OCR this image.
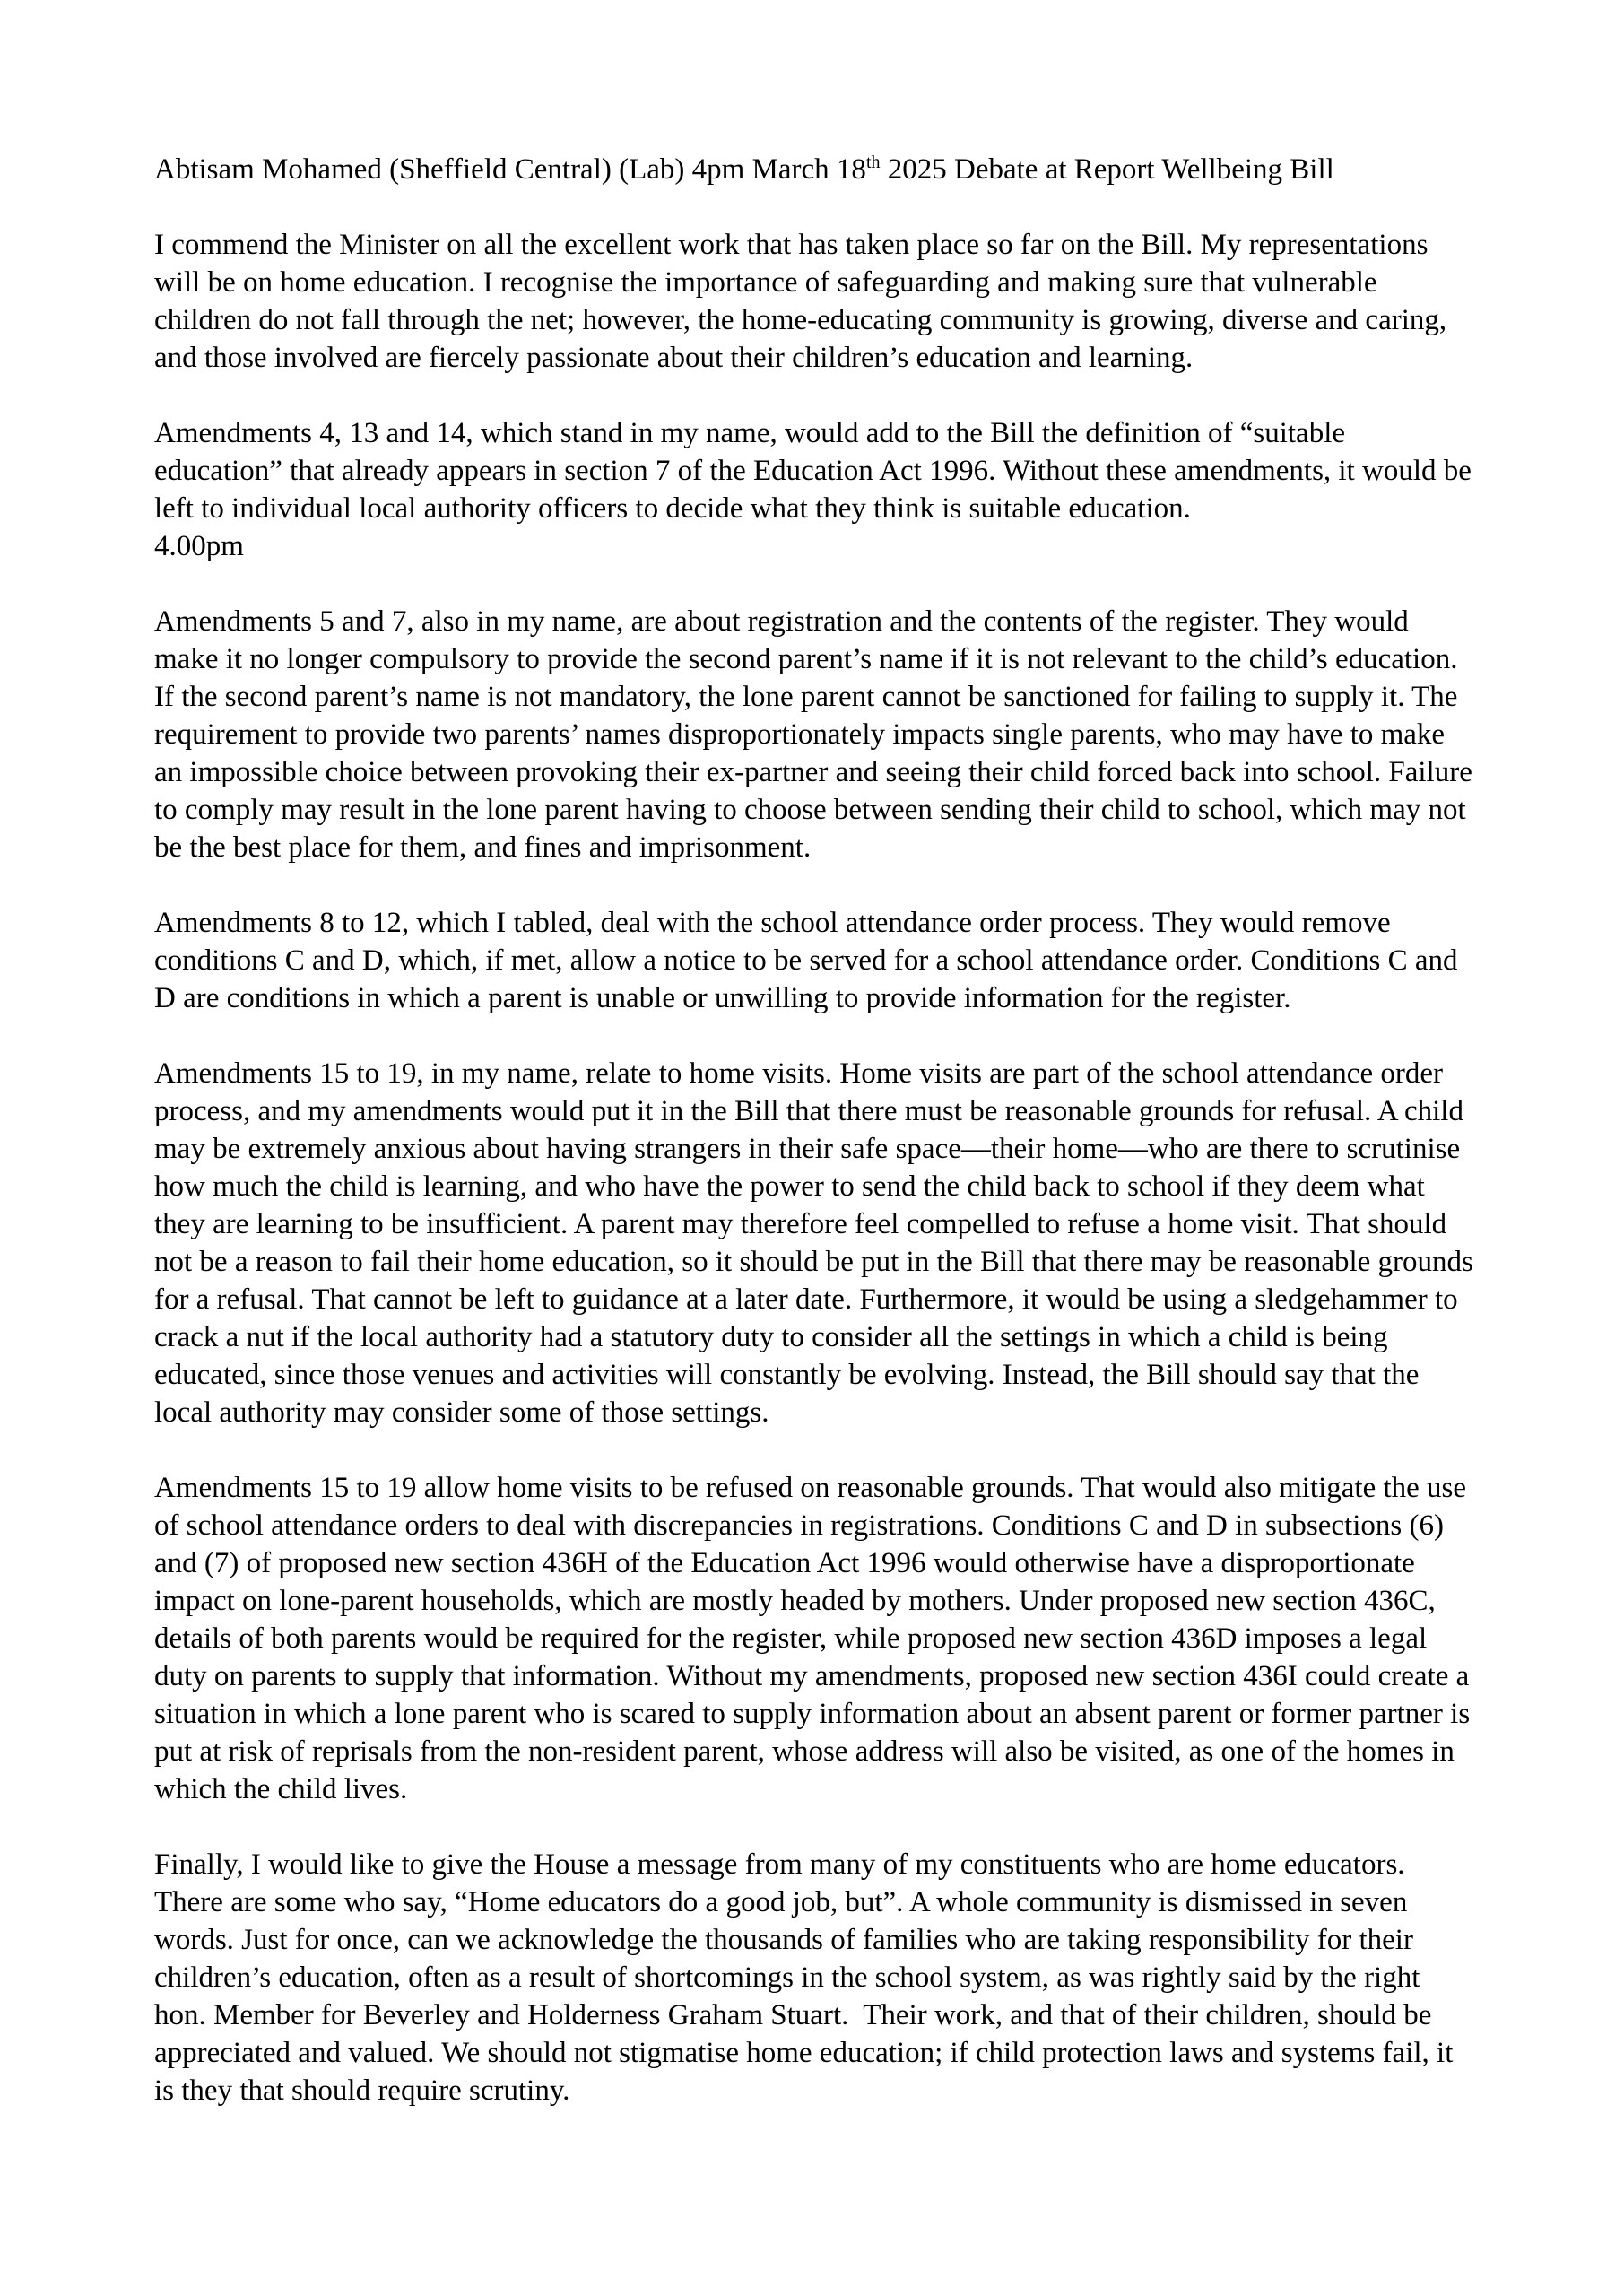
Abtisam Mohamed (Sheffield Central) (Lab) 4pm March 18th 2025 Debate at Report Wellbeing Bill

I commend the Minister on all the excellent work that has taken place so far on the Bill. My representations will be on home education. I recognise the importance of safeguarding and making sure that vulnerable children do not fall through the net; however, the home-educating community is growing, diverse and caring, and those involved are fiercely passionate about their children’s education and learning.

Amendments 4, 13 and 14, which stand in my name, would add to the Bill the definition of “suitable education” that already appears in section 7 of the Education Act 1996. Without these amendments, it would be left to individual local authority officers to decide what they think is suitable education.

4.00pm

Amendments 5 and 7, also in my name, are about registration and the contents of the register. They would make it no longer compulsory to provide the second parent’s name if it is not relevant to the child’s education. If the second parent’s name is not mandatory, the lone parent cannot be sanctioned for failing to supply it. The requirement to provide two parents’ names disproportionately impacts single parents, who may have to make an impossible choice between provoking their ex-partner and seeing their child forced back into school. Failure to comply may result in the lone parent having to choose between sending their child to school, which may not be the best place for them, and fines and imprisonment.

Amendments 8 to 12, which I tabled, deal with the school attendance order process. They would remove conditions C and D, which, if met, allow a notice to be served for a school attendance order. Conditions C and D are conditions in which a parent is unable or unwilling to provide information for the register.

Amendments 15 to 19, in my name, relate to home visits. Home visits are part of the school attendance order process, and my amendments would put it in the Bill that there must be reasonable grounds for refusal. A child may be extremely anxious about having strangers in their safe space—their home—who are there to scrutinise how much the child is learning, and who have the power to send the child back to school if they deem what they are learning to be insufficient. A parent may therefore feel compelled to refuse a home visit. That should not be a reason to fail their home education, so it should be put in the Bill that there may be reasonable grounds for a refusal. That cannot be left to guidance at a later date. Furthermore, it would be using a sledgehammer to crack a nut if the local authority had a statutory duty to consider all the settings in which a child is being educated, since those venues and activities will constantly be evolving. Instead, the Bill should say that the local authority may consider some of those settings.

Amendments 15 to 19 allow home visits to be refused on reasonable grounds. That would also mitigate the use of school attendance orders to deal with discrepancies in registrations. Conditions C and D in subsections (6) and (7) of proposed new section 436H of the Education Act 1996 would otherwise have a disproportionate impact on lone-parent households, which are mostly headed by mothers. Under proposed new section 436C, details of both parents would be required for the register, while proposed new section 436D imposes a legal duty on parents to supply that information. Without my amendments, proposed new section 436I could create a situation in which a lone parent who is scared to supply information about an absent parent or former partner is put at risk of reprisals from the non-resident parent, whose address will also be visited, as one of the homes in which the child lives.

Finally, I would like to give the House a message from many of my constituents who are home educators. There are some who say, “Home educators do a good job, but”. A whole community is dismissed in seven words. Just for once, can we acknowledge the thousands of families who are taking responsibility for their children’s education, often as a result of shortcomings in the school system, as was rightly said by the right hon. Member for Beverley and Holderness Graham Stuart.  Their work, and that of their children, should be appreciated and valued. We should not stigmatise home education; if child protection laws and systems fail, it is they that should require scrutiny.
